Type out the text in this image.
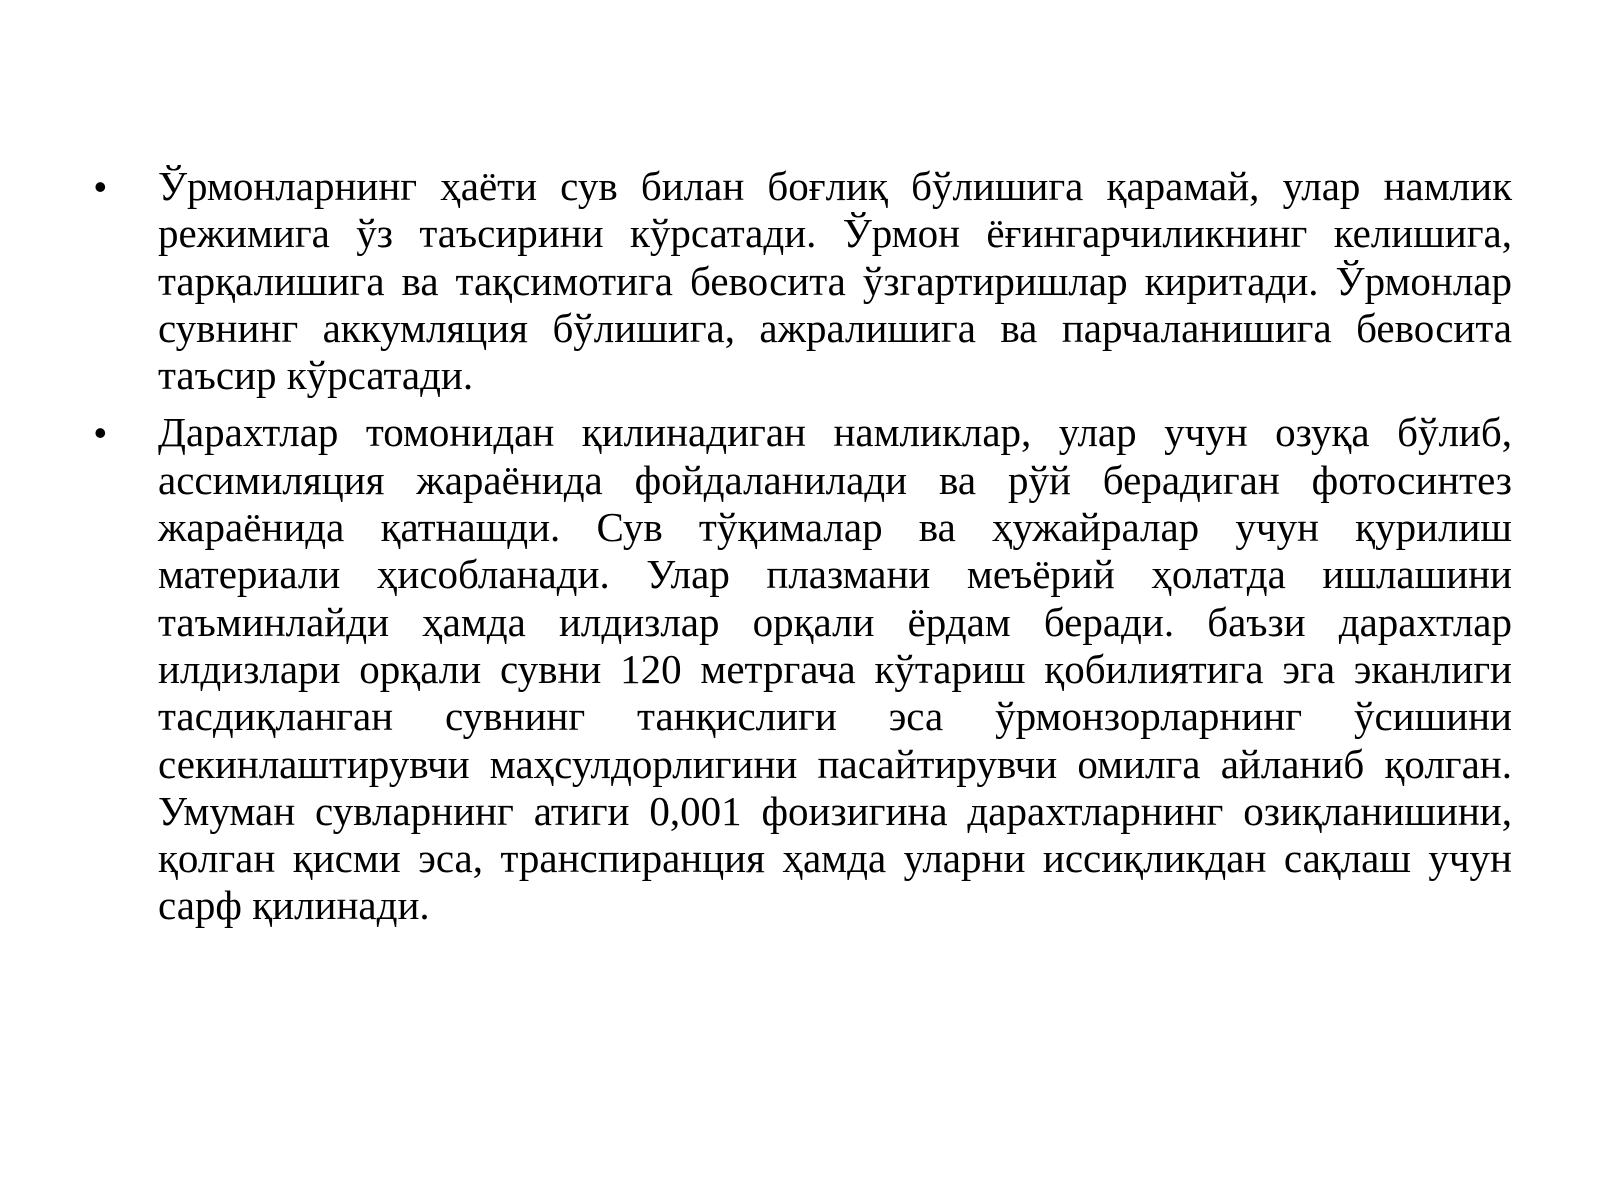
• Ўрмонларнинг ҳаёти сув билан боғлиқ бўлишига қарамай, улар намлик режимига ўз таъсирини кўрсатади. Ўрмон ёғингарчиликнинг келишига, тарқалишига ва тақсимотига бевосита ўзгартиришлар киритади. Ўрмонлар сувнинг аккумляция бўлишига, ажралишига ва парчаланишига бевосита таъсир кўрсатади.
• Дарахтлар томонидан қилинадиган намликлар, улар учун озуқа бўлиб, ассимиляция жараёнида фойдаланилади ва рўй берадиган фотосинтез жараёнида қатнашди. Сув тўқималар ва ҳужайралар учун қурилиш материали ҳисобланади. Улар плазмани меъёрий ҳолатда ишлашини таъминлайди ҳамда илдизлар орқали ёрдам беради. баъзи дарахтлар илдизлари орқали сувни 120 метргача кўтариш қобилиятига эга эканлиги тасдиқланган сувнинг танқислиги эса ўрмонзорларнинг ўсишини секинлаштирувчи маҳсулдорлигини пасайтирувчи омилга айланиб қолган. Умуман сувларнинг атиги 0,001 фоизигина дарахтларнинг озиқланишини, қолган қисми эса, транспиранция ҳамда уларни иссиқликдан сақлаш учун сарф қилинади.
